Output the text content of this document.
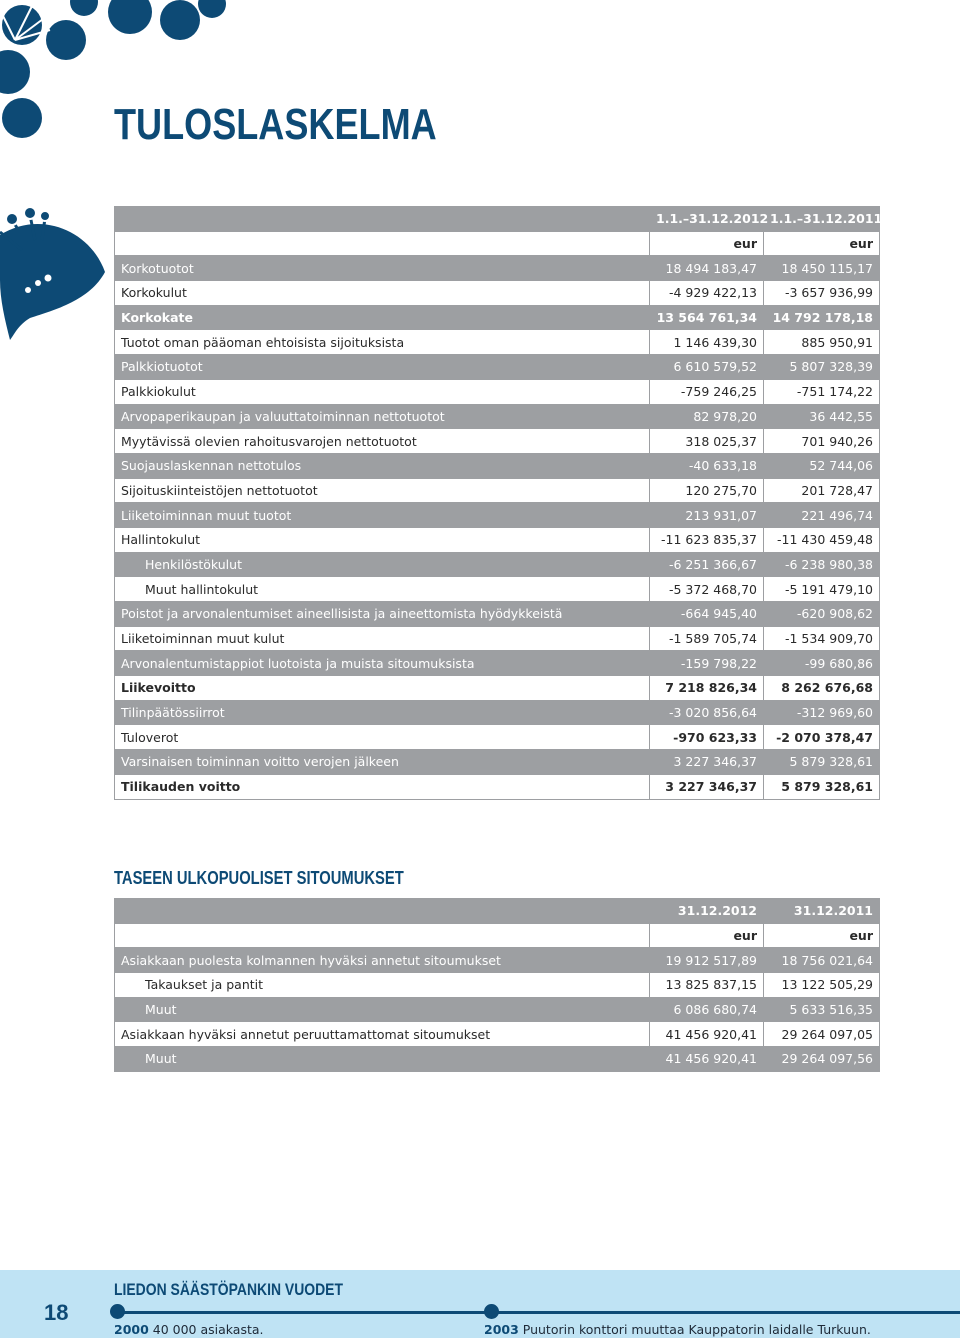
TULOSLASKELMA
	1.1.–31.12.2012	1.1.–31.12.2011
	eur	eur
Korkotuotot	18 494 183,47	18 450 115,17
Korkokulut	-4 929 422,13	-3 657 936,99
Korkokate	13 564 761,34	14 792 178,18
Tuotot oman pääoman ehtoisista sijoituksista	1 146 439,30	885 950,91
Palkkiotuotot	6 610 579,52	5 807 328,39
Palkkiokulut	-759 246,25	-751 174,22
Arvopaperikaupan ja valuuttatoiminnan nettotuotot	82 978,20	36 442,55
Myytävissä olevien rahoitusvarojen nettotuotot	318 025,37	701 940,26
Suojauslaskennan nettotulos	-40 633,18	52 744,06
Sijoituskiinteistöjen nettotuotot	120 275,70	201 728,47
Liiketoiminnan muut tuotot	213 931,07	221 496,74
Hallintokulut	-11 623 835,37	-11 430 459,48
Henkilöstökulut	-6 251 366,67	-6 238 980,38
Muut hallintokulut	-5 372 468,70	-5 191 479,10
Poistot ja arvonalentumiset aineellisista ja aineettomista hyödykkeistä	-664 945,40	-620 908,62
Liiketoiminnan muut kulut	-1 589 705,74	-1 534 909,70
Arvonalentumistappiot luotoista ja muista sitoumuksista	-159 798,22	-99 680,86
Liikevoitto	7 218 826,34	8 262 676,68
Tilinpäätössiirrot	-3 020 856,64	-312 969,60
Tuloverot	-970 623,33	-2 070 378,47
Varsinaisen toiminnan voitto verojen jälkeen	3 227 346,37	5 879 328,61
Tilikauden voitto	3 227 346,37	5 879 328,61
TASEEN ULKOPUOLISET SITOUMUKSET
	31.12.2012	31.12.2011
	eur	eur
Asiakkaan puolesta kolmannen hyväksi annetut sitoumukset	19 912 517,89	18 756 021,64
Takaukset ja pantit	13 825 837,15	13 122 505,29
Muut	6 086 680,74	5 633 516,35
Asiakkaan hyväksi annetut peruuttamattomat sitoumukset	41 456 920,41	29 264 097,05
Muut	41 456 920,41	29 264 097,56
18
LIEDON SÄÄSTÖPANKIN VUODET
2000 40 000 asiakasta.	2003 Puutorin konttori muuttaa Kauppatorin laidalle Turkuun.
